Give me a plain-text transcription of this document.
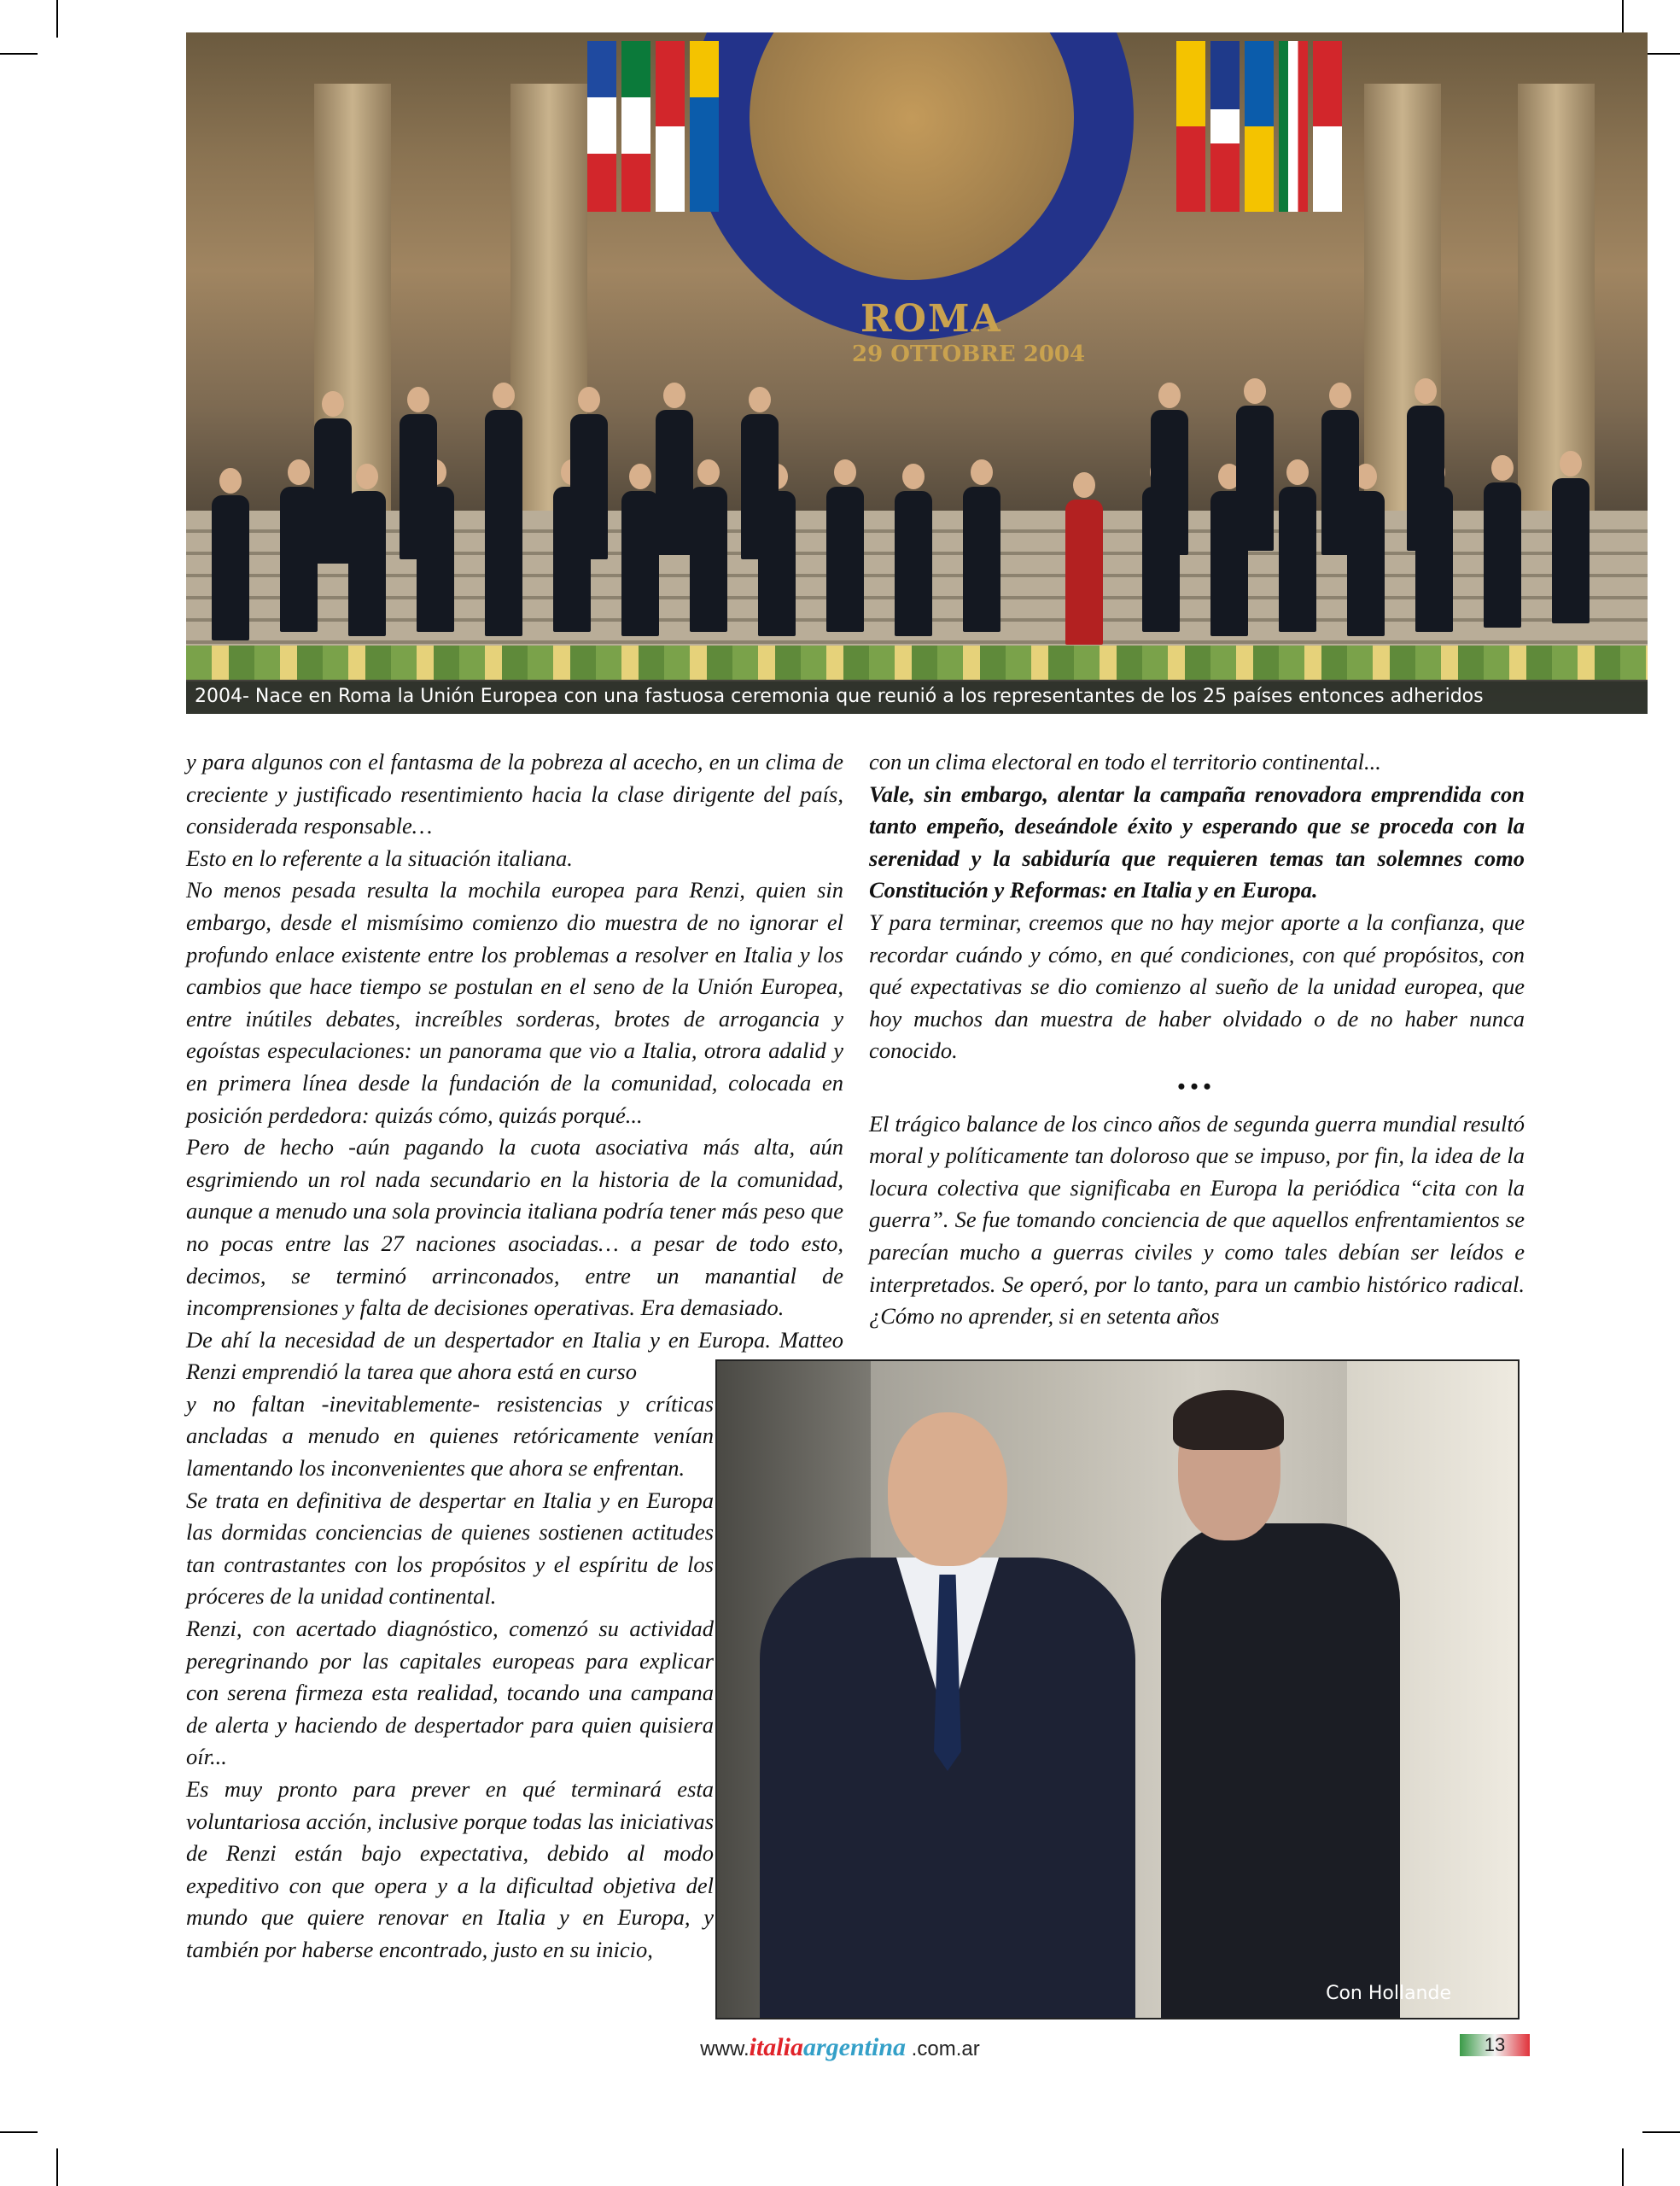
ROMA
29 OTTOBRE 2004
2004- Nace en Roma la Unión Europea con una fastuosa ceremonia que reunió a los representantes de los 25 países entonces adheridos

y para algunos con el fantasma de la pobreza al acecho, en un clima de creciente y justificado resentimiento hacia la clase dirigente del país, considerada responsable…

Esto en lo referente a la situación italiana.

No menos pesada resulta la mochila europea para Renzi, quien sin embargo, desde el mismísimo comienzo dio muestra de no ignorar el profundo enlace existente entre los problemas a resolver en Italia y los cambios que hace tiempo se postulan en el seno de la Unión Europea, entre inútiles debates, increíbles sorderas, brotes de arrogancia y egoístas especulaciones: un panorama que vio a Italia, otrora adalid y en primera línea desde la fundación de la comunidad, colocada en posición perdedora: quizás cómo, quizás porqué...

Pero de hecho -aún pagando la cuota asociativa más alta, aún esgrimiendo un rol nada secundario en la historia de la comunidad, aunque a menudo una sola provincia italiana podría tener más peso que no pocas entre las 27 naciones asociadas… a pesar de todo esto, decimos, se terminó arrinconados, entre un manantial de incomprensiones y falta de decisiones operativas. Era demasiado.

De ahí la necesidad de un despertador en Italia y en Europa. Matteo Renzi emprendió la tarea que ahora está en curso

y no faltan -inevitablemente- resistencias y críticas ancladas a menudo en quienes retóricamente venían lamentando los inconvenientes que ahora se enfrentan.

Se trata en definitiva de despertar en Italia y en Europa las dormidas conciencias de quienes sostienen actitudes tan contrastantes con los propósitos y el espíritu de los próceres de la unidad continental.

Renzi, con acertado diagnóstico, comenzó su actividad peregrinando por las capitales europeas para explicar con serena firmeza esta realidad, tocando una campana de alerta y haciendo de despertador para quien quisiera oír...

Es muy pronto para prever en qué terminará esta voluntariosa acción, inclusive porque todas las iniciativas de Renzi están bajo expectativa, debido al modo expeditivo con que opera y a la dificultad objetiva del mundo que quiere renovar en Italia y en Europa, y también por haberse encontrado, justo en su inicio,

con un clima electoral en todo el territorio continental...

Vale, sin embargo, alentar la campaña renovadora emprendida con tanto empeño, deseándole éxito y esperando que se proceda con la serenidad y la sabiduría que requieren temas tan solemnes como Constitución y Reformas: en Italia y en Europa.

Y para terminar, creemos que no hay mejor aporte a la confianza, que recordar cuándo y cómo, en qué condiciones, con qué propósitos, con qué expectativas se dio comienzo al sueño de la unidad europea, que hoy muchos dan muestra de haber olvidado o de no haber nunca conocido.

•••

El trágico balance de los cinco años de segunda guerra mundial resultó moral y políticamente tan doloroso que se impuso, por fin, la idea de la locura colectiva que significaba en Europa la periódica “cita con la guerra”. Se fue tomando conciencia de que aquellos enfrentamientos se parecían mucho a guerras civiles y como tales debían ser leídos e interpretados. Se operó, por lo tanto, para un cambio histórico radical. ¿Cómo no aprender, si en setenta años

Con Hollande
www.italiaargentina .com.ar	13
